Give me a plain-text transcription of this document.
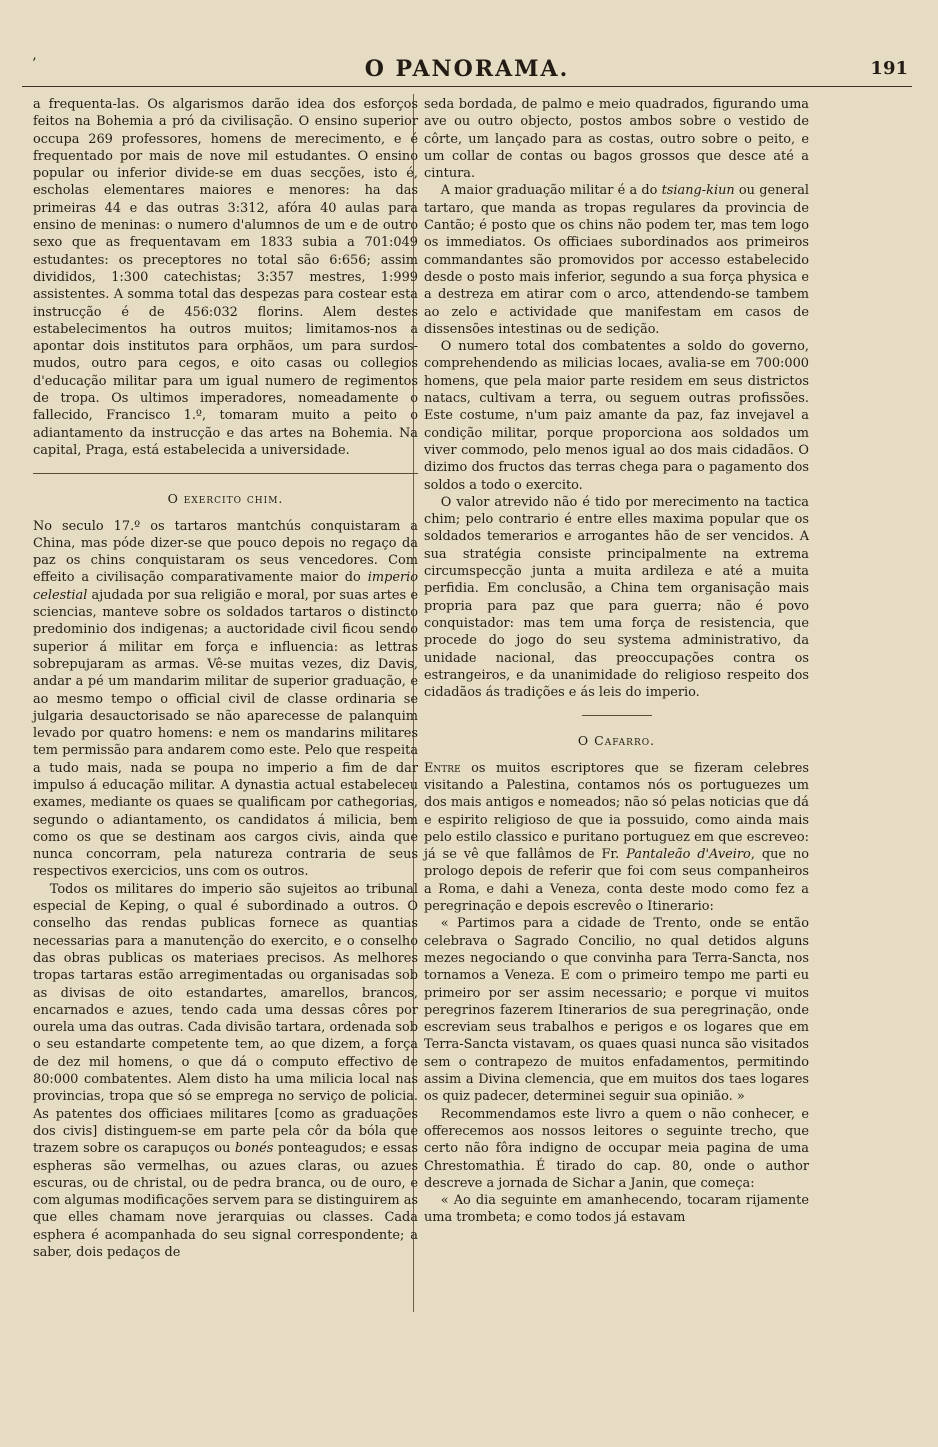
’	O PANORAMA.	191

a frequenta-las. Os algarismos darão idea dos esforços feitos na Bohemia a pró da civilisação. O ensino superior occupa 269 professores, homens de merecimento, e é frequentado por mais de nove mil estudantes. O ensino popular ou inferior divide-se em duas secções, isto é, escholas elementares maiores e menores: ha das primeiras 44 e das outras 3:312, afóra 40 aulas para ensino de meninas: o numero d'alumnos de um e de outro sexo que as frequentavam em 1833 subia a 701:049 estudantes: os preceptores no total são 6:656; assim divididos, 1:300 catechistas; 3:357 mestres, 1:999 assistentes. A somma total das despezas para costear esta instrucção é de 456:032 florins. Alem destes estabelecimentos ha outros muitos; limitamos-nos a apontar dois institutos para orphãos, um para surdos-mudos, outro para cegos, e oito casas ou collegios d'educação militar para um igual numero de regimentos de tropa. Os ultimos imperadores, nomeadamente o fallecido, Francisco 1.º, tomaram muito a peito o adiantamento da instrucção e das artes na Bohemia. Na capital, Praga, está estabelecida a universidade.

O exercito chim.

No seculo 17.º os tartaros mantchús conquistaram a China, mas póde dizer-se que pouco depois no regaço da paz os chins conquistaram os seus vencedores. Com effeito a civilisação comparativamente maior do imperio celestial ajudada por sua religião e moral, por suas artes e sciencias, manteve sobre os soldados tartaros o distincto predominio dos indigenas; a auctoridade civil ficou sendo superior á militar em força e influencia: as lettras sobrepujaram as armas. Vê-se muitas vezes, diz Davis, andar a pé um mandarim militar de superior graduação, e ao mesmo tempo o official civil de classe ordinaria se julgaria desauctorisado se não aparecesse de palanquim levado por quatro homens: e nem os mandarins militares tem permissão para andarem como este. Pelo que respeita a tudo mais, nada se poupa no imperio a fim de dar impulso á educação militar. A dynastia actual estabeleceu exames, mediante os quaes se qualificam por cathegorias, segundo o adiantamento, os candidatos á milicia, bem como os que se destinam aos cargos civis, ainda que nunca concorram, pela natureza contraria de seus respectivos exercicios, uns com os outros.

Todos os militares do imperio são sujeitos ao tribunal especial de Keping, o qual é subordinado a outros. O conselho das rendas publicas fornece as quantias necessarias para a manutenção do exercito, e o conselho das obras publicas os materiaes precisos. As melhores tropas tartaras estão arregimentadas ou organisadas sob as divisas de oito estandartes, amarellos, brancos, encarnados e azues, tendo cada uma dessas côres por ourela uma das outras. Cada divisão tartara, ordenada sob o seu estandarte competente tem, ao que dizem, a força de dez mil homens, o que dá o computo effectivo de 80:000 combatentes. Alem disto ha uma milicia local nas provincias, tropa que só se emprega no serviço de policia. As patentes dos officiaes militares [como as graduações dos civis] distinguem-se em parte pela côr da bóla que trazem sobre os carapuços ou bonés ponteagudos; e essas espheras são vermelhas, ou azues claras, ou azues escuras, ou de christal, ou de pedra branca, ou de ouro, e com algumas modificações servem para se distinguirem as que elles chamam nove jerarquias ou classes. Cada esphera é acompanhada do seu signal correspondente; a saber, dois pedaços de

seda bordada, de palmo e meio quadrados, figurando uma ave ou outro objecto, postos ambos sobre o vestido de côrte, um lançado para as costas, outro sobre o peito, e um collar de contas ou bagos grossos que desce até a cintura.

A maior graduação militar é a do tsiang-kiun ou general tartaro, que manda as tropas regulares da provincia de Cantão; é posto que os chins não podem ter, mas tem logo os immediatos. Os officiaes subordinados aos primeiros commandantes são promovidos por accesso estabelecido desde o posto mais inferior, segundo a sua força physica e a destreza em atirar com o arco, attendendo-se tambem ao zelo e actividade que manifestam em casos de dissensões intestinas ou de sedição.

O numero total dos combatentes a soldo do governo, comprehendendo as milicias locaes, avalia-se em 700:000 homens, que pela maior parte residem em seus districtos natacs, cultivam a terra, ou seguem outras profissões. Este costume, n'um paiz amante da paz, faz invejavel a condição militar, porque proporciona aos soldados um viver commodo, pelo menos igual ao dos mais cidadãos. O dizimo dos fructos das terras chega para o pagamento dos soldos a todo o exercito.

O valor atrevido não é tido por merecimento na tactica chim; pelo contrario é entre elles maxima popular que os soldados temerarios e arrogantes hão de ser vencidos. A sua stratégia consiste principalmente na extrema circumspecção junta a muita ardileza e até a muita perfidia. Em conclusão, a China tem organisação mais propria para paz que para guerra; não é povo conquistador: mas tem uma força de resistencia, que procede do jogo do seu systema administrativo, da unidade nacional, das preoccupações contra os estrangeiros, e da unanimidade do religioso respeito dos cidadãos ás tradições e ás leis do imperio.

O Cafarro.

Entre os muitos escriptores que se fizeram celebres visitando a Palestina, contamos nós os portuguezes um dos mais antigos e nomeados; não só pelas noticias que dá e espirito religioso de que ia possuido, como ainda mais pelo estilo classico e puritano portuguez em que escreveo: já se vê que fallâmos de Fr. Pantaleão d'Aveiro, que no prologo depois de referir que foi com seus companheiros a Roma, e dahi a Veneza, conta deste modo como fez a peregrinação e depois escrevêo o Itinerario:

« Partimos para a cidade de Trento, onde se então celebrava o Sagrado Concilio, no qual detidos alguns mezes negociando o que convinha para Terra-Sancta, nos tornamos a Veneza. E com o primeiro tempo me parti eu primeiro por ser assim necessario; e porque vi muitos peregrinos fazerem Itinerarios de sua peregrinação, onde escreviam seus trabalhos e perigos e os logares que em Terra-Sancta vistavam, os quaes quasi nunca são visitados sem o contrapezo de muitos enfadamentos, permitindo assim a Divina clemencia, que em muitos dos taes logares os quiz padecer, determinei seguir sua opinião. »

Recommendamos este livro a quem o não conhecer, e offerecemos aos nossos leitores o seguinte trecho, que certo não fôra indigno de occupar meia pagina de uma Chrestomathia. É tirado do cap. 80, onde o author descreve a jornada de Sichar a Janin, que começa:

« Ao dia seguinte em amanhecendo, tocaram rijamente uma trombeta; e como todos já estavam
